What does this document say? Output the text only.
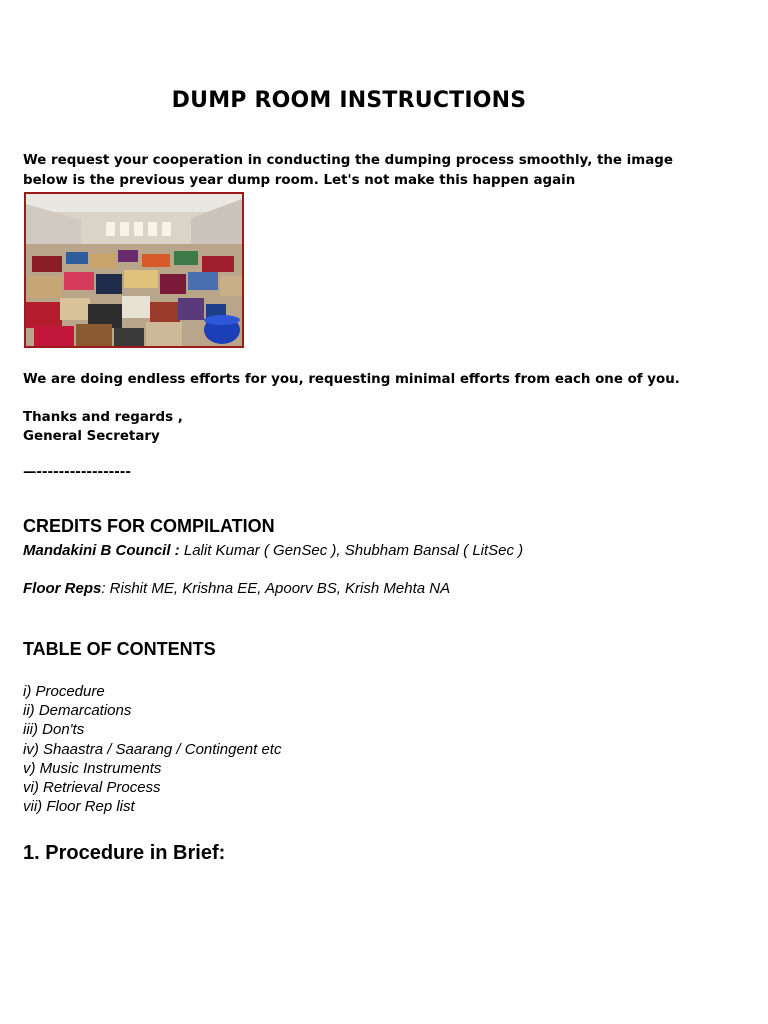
DUMP ROOM INSTRUCTIONS
We request your cooperation in conducting the dumping process smoothly, the image below is the previous year dump room. Let's not make this happen again
We are doing endless efforts for you, requesting minimal efforts from each one of you.
Thanks and regards ,
General Secretary
—-----------------
CREDITS FOR COMPILATION
Mandakini B Council : Lalit Kumar ( GenSec ), Shubham Bansal ( LitSec )
Floor Reps: Rishit ME, Krishna EE, Apoorv BS, Krish Mehta NA
TABLE OF CONTENTS
i) Procedure
ii) Demarcations
iii) Don'ts
iv) Shaastra / Saarang / Contingent etc
v) Music Instruments
vi) Retrieval Process
vii) Floor Rep list
1. Procedure in Brief:
